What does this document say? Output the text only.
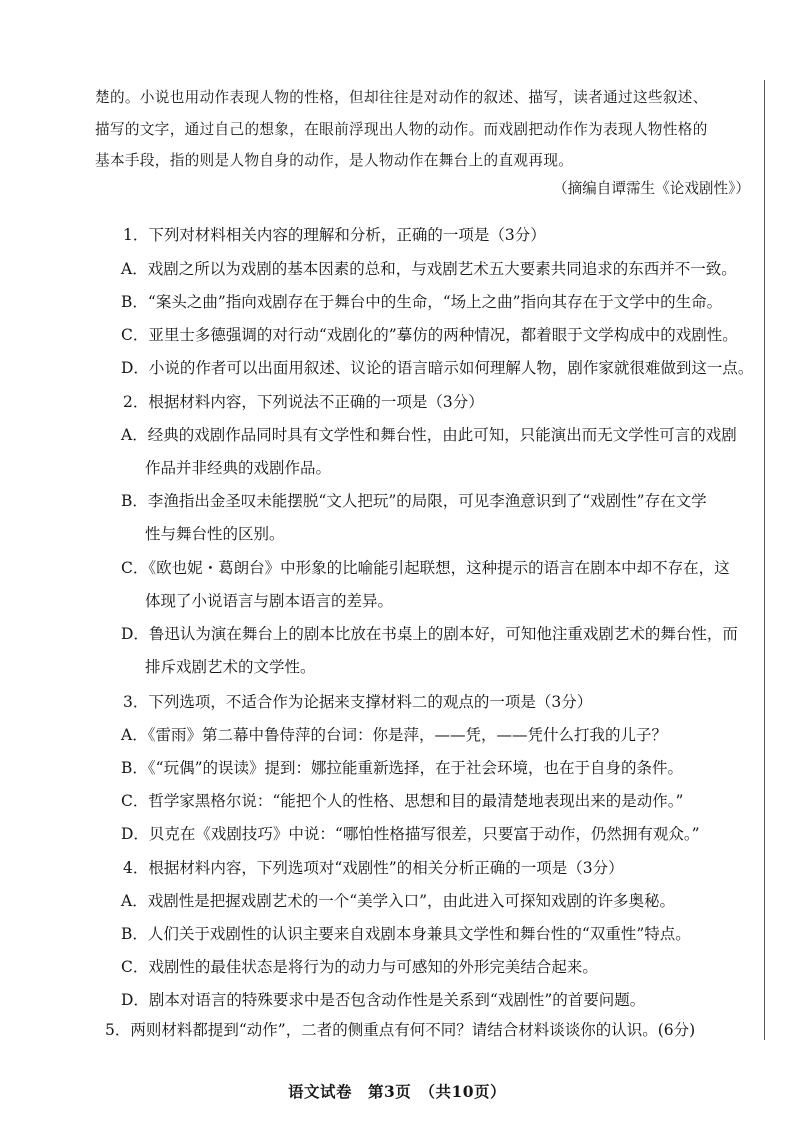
楚的。小说也用动作表现人物的性格，但却往往是对动作的叙述、描写，读者通过这些叙述、
描写的文字，通过自己的想象，在眼前浮现出人物的动作。而戏剧把动作作为表现人物性格的
基本手段，指的则是人物自身的动作，是人物动作在舞台上的直观再现。
（摘编自谭霈生《论戏剧性》）
1．下列对材料相关内容的理解和分析，正确的一项是（3分）
A．戏剧之所以为戏剧的基本因素的总和，与戏剧艺术五大要素共同追求的东西并不一致。
B．“案头之曲”指向戏剧存在于舞台中的生命，“场上之曲”指向其存在于文学中的生命。
C．亚里士多德强调的对行动“戏剧化的”摹仿的两种情况，都着眼于文学构成中的戏剧性。
D．小说的作者可以出面用叙述、议论的语言暗示如何理解人物，剧作家就很难做到这一点。
2．根据材料内容，下列说法不正确的一项是（3分）
A．经典的戏剧作品同时具有文学性和舞台性，由此可知，只能演出而无文学性可言的戏剧
作品并非经典的戏剧作品。
B．李渔指出金圣叹未能摆脱“文人把玩”的局限，可见李渔意识到了“戏剧性”存在文学
性与舞台性的区别。
C．《欧也妮・葛朗台》中形象的比喻能引起联想，这种提示的语言在剧本中却不存在，这
体现了小说语言与剧本语言的差异。
D．鲁迅认为演在舞台上的剧本比放在书桌上的剧本好，可知他注重戏剧艺术的舞台性，而
排斥戏剧艺术的文学性。
3．下列选项，不适合作为论据来支撑材料二的观点的一项是（3分）
A．《雷雨》第二幕中鲁侍萍的台词：你是萍，——凭，——凭什么打我的儿子？
B．《“玩偶”的误读》提到：娜拉能重新选择，在于社会环境，也在于自身的条件。
C．哲学家黑格尔说：“能把个人的性格、思想和目的最清楚地表现出来的是动作。”
D．贝克在《戏剧技巧》中说：“哪怕性格描写很差，只要富于动作，仍然拥有观众。”
4．根据材料内容，下列选项对“戏剧性”的相关分析正确的一项是（3分）
A．戏剧性是把握戏剧艺术的一个“美学入口”，由此进入可探知戏剧的许多奥秘。
B．人们关于戏剧性的认识主要来自戏剧本身兼具文学性和舞台性的“双重性”特点。
C．戏剧性的最佳状态是将行为的动力与可感知的外形完美结合起来。
D．剧本对语言的特殊要求中是否包含动作性是关系到“戏剧性”的首要问题。
5．两则材料都提到“动作”，二者的侧重点有何不同？请结合材料谈谈你的认识。(6分)
语文试卷　第3页　（共10页）
